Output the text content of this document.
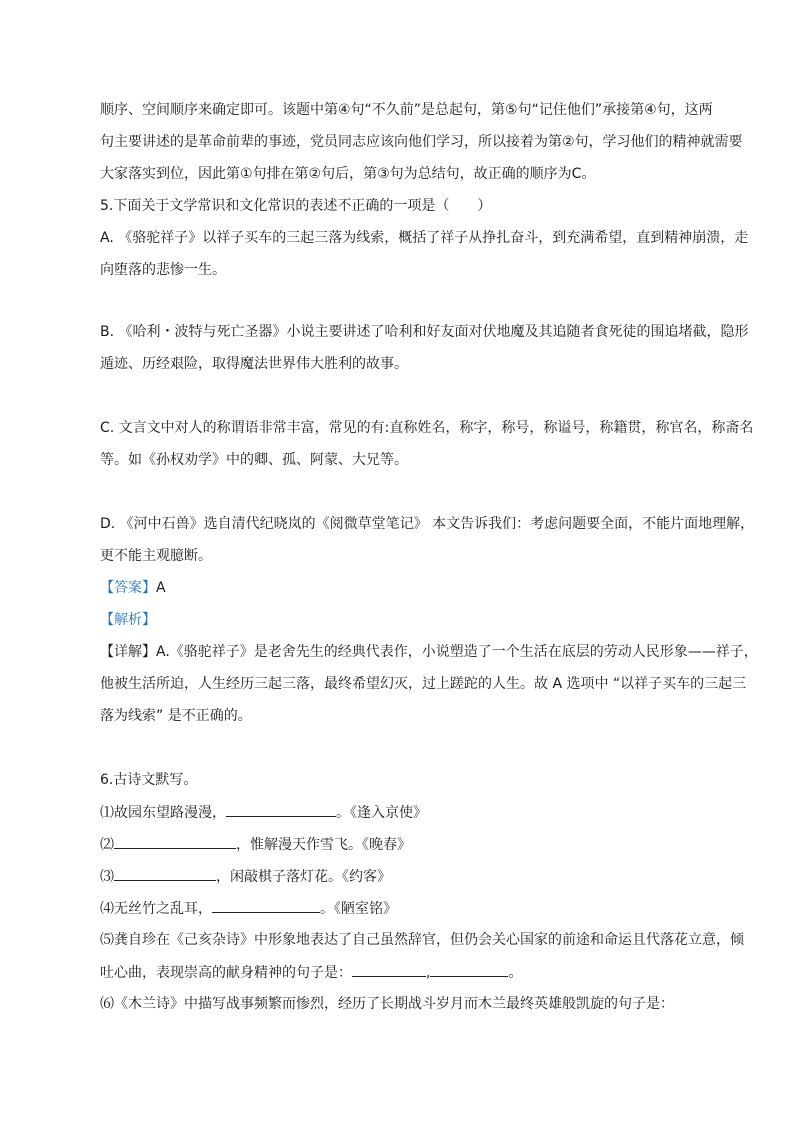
顺序、空间顺序来确定即可。该题中第④句“不久前”是总起句，第⑤句“记住他们”承接第④句，这两
句主要讲述的是革命前辈的事迹，党员同志应该向他们学习，所以接着为第②句，学习他们的精神就需要
大家落实到位，因此第①句排在第②句后，第③句为总结句，故正确的顺序为C。
5.下面关于文学常识和文化常识的表述不正确的一项是（　　）
A. 《骆驼祥子》以祥子买车的三起三落为线索，概括了祥子从挣扎奋斗，到充满希望，直到精神崩溃，走
向堕落的悲惨一生。
B. 《哈利・波特与死亡圣器》小说主要讲述了哈利和好友面对伏地魔及其追随者食死徒的围追堵截，隐形
遁迹、历经艰险，取得魔法世界伟大胜利的故事。
C. 文言文中对人的称谓语非常丰富，常见的有:直称姓名，称字，称号，称谥号，称籍贯，称官名，称斋名
等。如《孙权劝学》中的卿、孤、阿蒙、大兄等。
D. 《河中石兽》选自清代纪晓岚的《阅微草堂笔记》 本文告诉我们：考虑问题要全面，不能片面地理解，
更不能主观臆断。
【答案】A
【解析】
【详解】A.《骆驼祥子》是老舍先生的经典代表作，小说塑造了一个生活在底层的劳动人民形象——祥子，
他被生活所迫，人生经历三起三落，最终希望幻灭，过上蹉跎的人生。故 A 选项中 “以祥子买车的三起三
落为线索” 是不正确的。
6.古诗文默写。
⑴故园东望路漫漫，	。《逢入京使》
⑵	，惟解漫天作雪飞。《晚春》
⑶	，闲敲棋子落灯花。《约客》
⑷无丝竹之乱耳，	。《陋室铭》
⑸龚自珍在《己亥杂诗》中形象地表达了自己虽然辞官，但仍会关心国家的前途和命运且代落花立意，倾
吐心曲，表现崇高的献身精神的句子是：	,	。
⑹《木兰诗》中描写战事频繁而惨烈，经历了长期战斗岁月而木兰最终英雄般凯旋的句子是：
